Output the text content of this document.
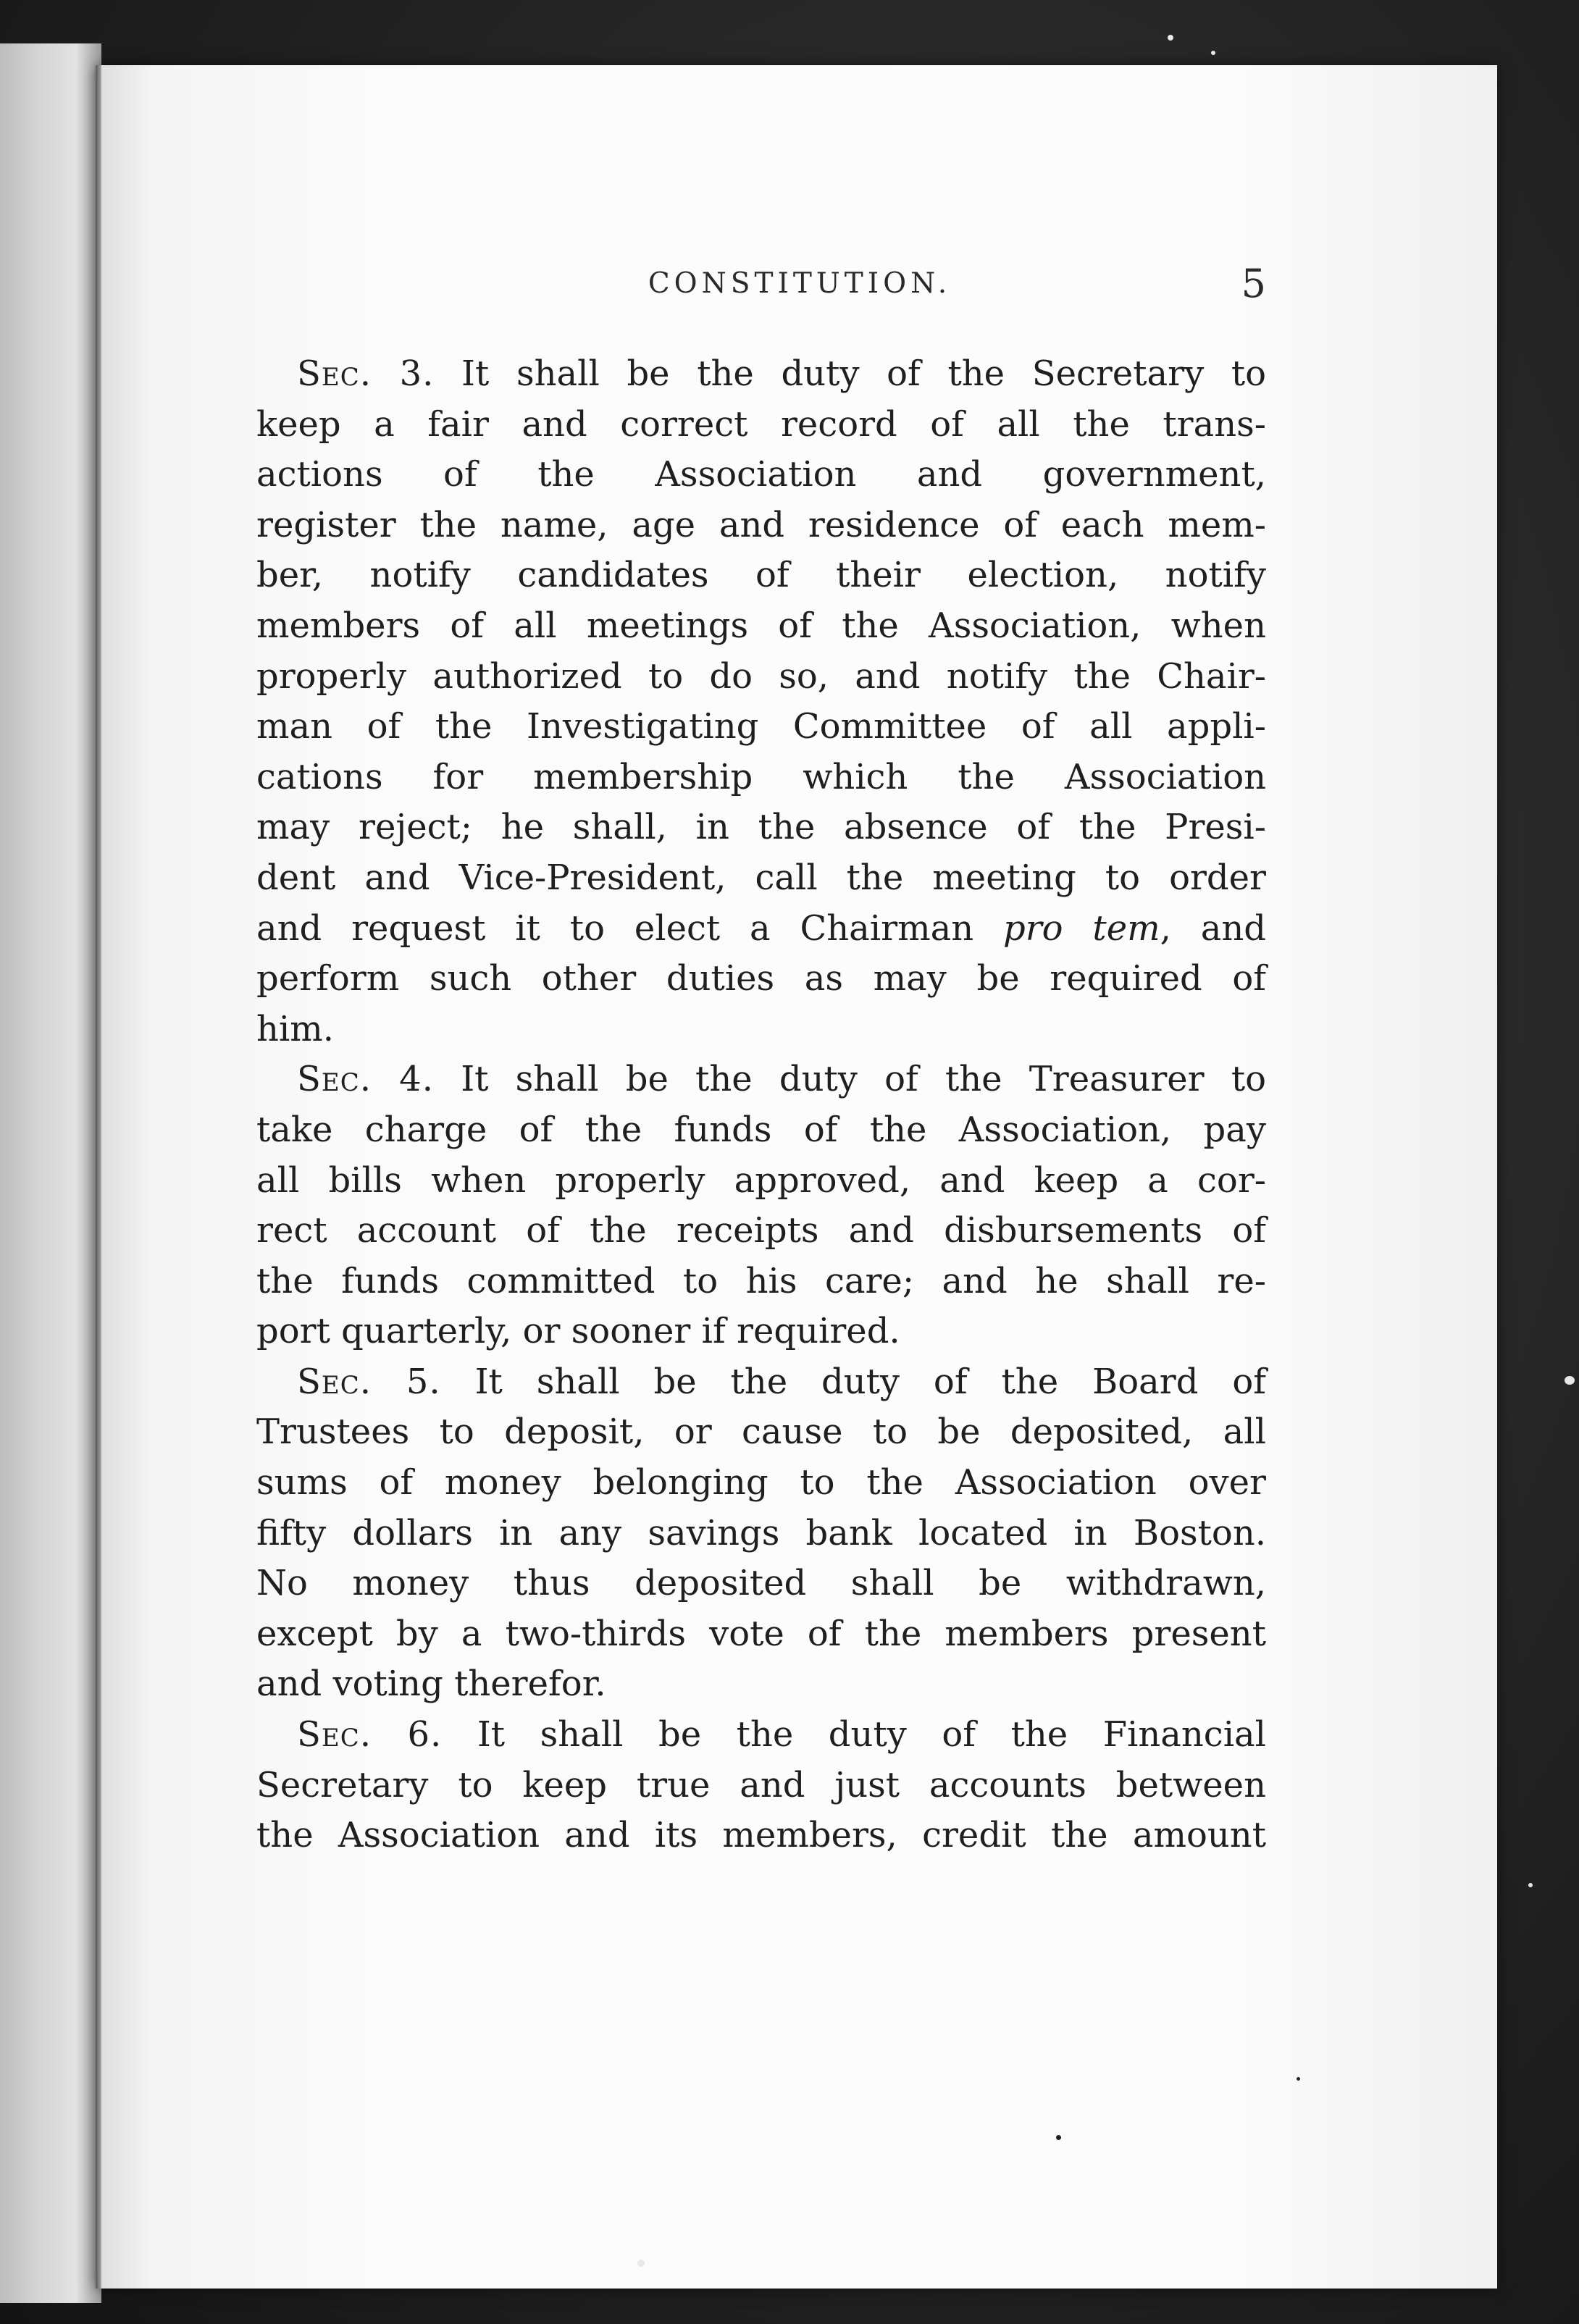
CONSTITUTION.	5
Sec. 3. It shall be the duty of the Secretary to
keep a fair and correct record of all the trans-
actions of the Association and government,
register the name, age and residence of each mem-
ber, notify candidates of their election, notify
members of all meetings of the Association, when
properly authorized to do so, and notify the Chair-
man of the Investigating Committee of all appli-
cations for membership which the Association
may reject; he shall, in the absence of the Presi-
dent and Vice-President, call the meeting to order
and request it to elect a Chairman pro tem, and
perform such other duties as may be required of
him.
Sec. 4. It shall be the duty of the Treasurer to
take charge of the funds of the Association, pay
all bills when properly approved, and keep a cor-
rect account of the receipts and disbursements of
the funds committed to his care; and he shall re-
port quarterly, or sooner if required.
Sec. 5. It shall be the duty of the Board of
Trustees to deposit, or cause to be deposited, all
sums of money belonging to the Association over
fifty dollars in any savings bank located in Boston.
No money thus deposited shall be withdrawn,
except by a two-thirds vote of the members present
and voting therefor.
Sec. 6. It shall be the duty of the Financial
Secretary to keep true and just accounts between
the Association and its members, credit the amount
